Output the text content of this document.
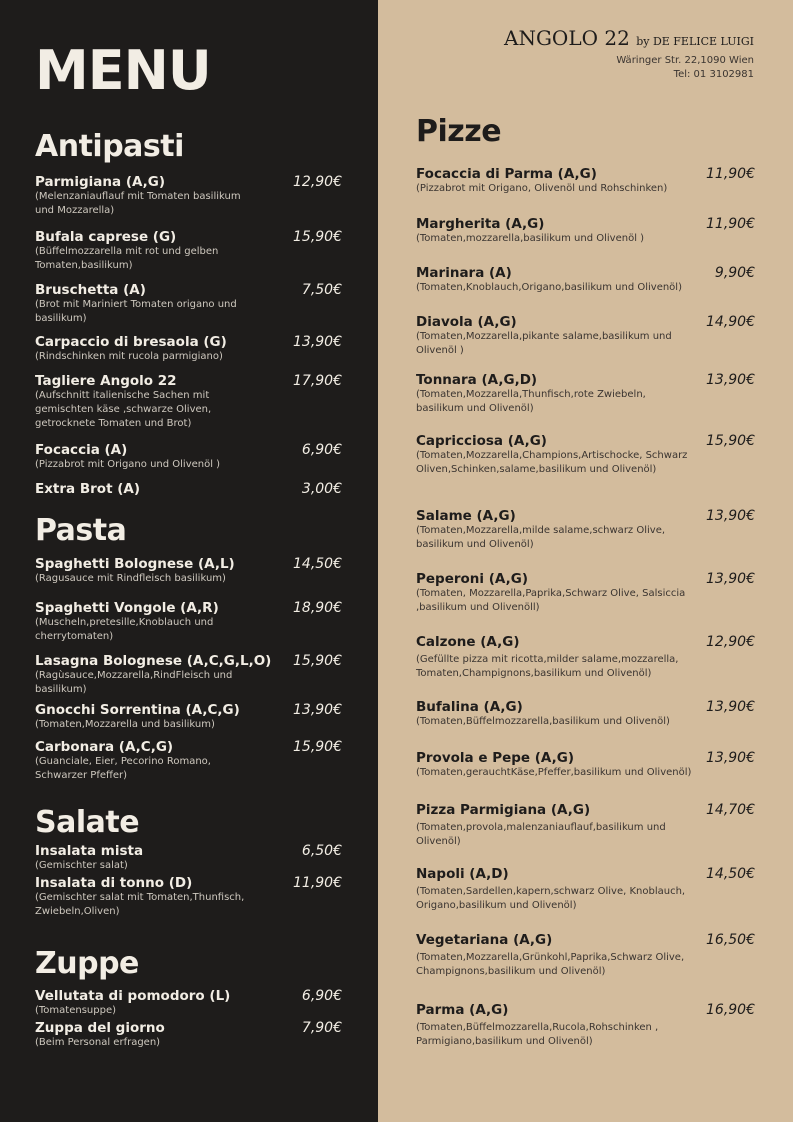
MENU
Antipasti
Parmigiana (A,G)	12,90€
(Melenzaniauflauf mit Tomaten basilikum und Mozzarella)
Bufala caprese (G)	15,90€
(Büffelmozzarella mit rot und gelben Tomaten,basilikum)
Bruschetta (A)	7,50€
(Brot mit Mariniert Tomaten origano und basilikum)
Carpaccio di bresaola (G)	13,90€
(Rindschinken mit rucola parmigiano)
Tagliere Angolo 22	17,90€
(Aufschnitt italienische Sachen mit gemischten käse ,schwarze Oliven, getrocknete Tomaten und Brot)
Focaccia (A)	6,90€
(Pizzabrot mit Origano und Olivenöl )
Extra Brot (A)	3,00€
Pasta
Spaghetti Bolognese (A,L)	14,50€
(Ragusauce mit Rindfleisch basilikum)
Spaghetti Vongole (A,R)	18,90€
(Muscheln,pretesille,Knoblauch und cherrytomaten)
Lasagna Bolognese (A,C,G,L,O) 15,90€
(Ragùsauce,Mozzarella,RindFleisch und basilikum)
Gnocchi Sorrentina (A,C,G)	13,90€
(Tomaten,Mozzarella und basilikum)
Carbonara (A,C,G)	15,90€
(Guanciale, Eier, Pecorino Romano, Schwarzer Pfeffer)
Salate
Insalata mista	6,50€
(Gemischter salat)
Insalata di tonno (D)	11,90€
(Gemischter salat mit Tomaten,Thunfisch, Zwiebeln,Oliven)
Zuppe
Vellutata di pomodoro (L)	6,90€
(Tomatensuppe)
Zuppa del giorno	7,90€
(Beim Personal erfragen)
ANGOLO 22 by DE FELICE LUIGI
Wäringer Str. 22,1090 Wien
Tel: 01 3102981
Pizze
Focaccia di Parma (A,G)	11,90€
(Pizzabrot mit Origano, Olivenöl und Rohschinken)
Margherita (A,G)	11,90€
(Tomaten,mozzarella,basilikum und Olivenöl )
Marinara (A)	9,90€
(Tomaten,Knoblauch,Origano,basilikum und Olivenöl)
Diavola (A,G)	14,90€
(Tomaten,Mozzarella,pikante salame,basilikum und Olivenöl )
Tonnara (A,G,D)	13,90€
(Tomaten,Mozzarella,Thunfisch,rote Zwiebeln, basilikum und Olivenöl)
Capricciosa (A,G)	15,90€
(Tomaten,Mozzarella,Champions,Artischocke, Schwarz Oliven,Schinken,salame,basilikum und Olivenöl)
Salame (A,G)	13,90€
(Tomaten,Mozzarella,milde salame,schwarz Olive, basilikum und Olivenöl)
Peperoni (A,G)	13,90€
(Tomaten, Mozzarella,Paprika,Schwarz Olive, Salsiccia ,basilikum und Olivenöll)
Calzone (A,G)	12,90€
(Gefüllte pizza mit ricotta,milder salame,mozzarella, Tomaten,Champignons,basilikum und Olivenöl)
Bufalina (A,G)	13,90€
(Tomaten,Büffelmozzarella,basilikum und Olivenöl)
Provola e Pepe (A,G)	13,90€
(Tomaten,gerauchtKäse,Pfeffer,basilikum und Olivenöl)
Pizza Parmigiana (A,G)	14,70€
(Tomaten,provola,malenzaniauflauf,basilikum und Olivenöl)
Napoli (A,D)	14,50€
(Tomaten,Sardellen,kapern,schwarz Olive, Knoblauch, Origano,basilikum und Olivenöl)
Vegetariana (A,G)	16,50€
(Tomaten,Mozzarella,Grünkohl,Paprika,Schwarz Olive, Champignons,basilikum und Olivenöl)
Parma (A,G)	16,90€
(Tomaten,Büffelmozzarella,Rucola,Rohschinken , Parmigiano,basilikum und Olivenöl)
